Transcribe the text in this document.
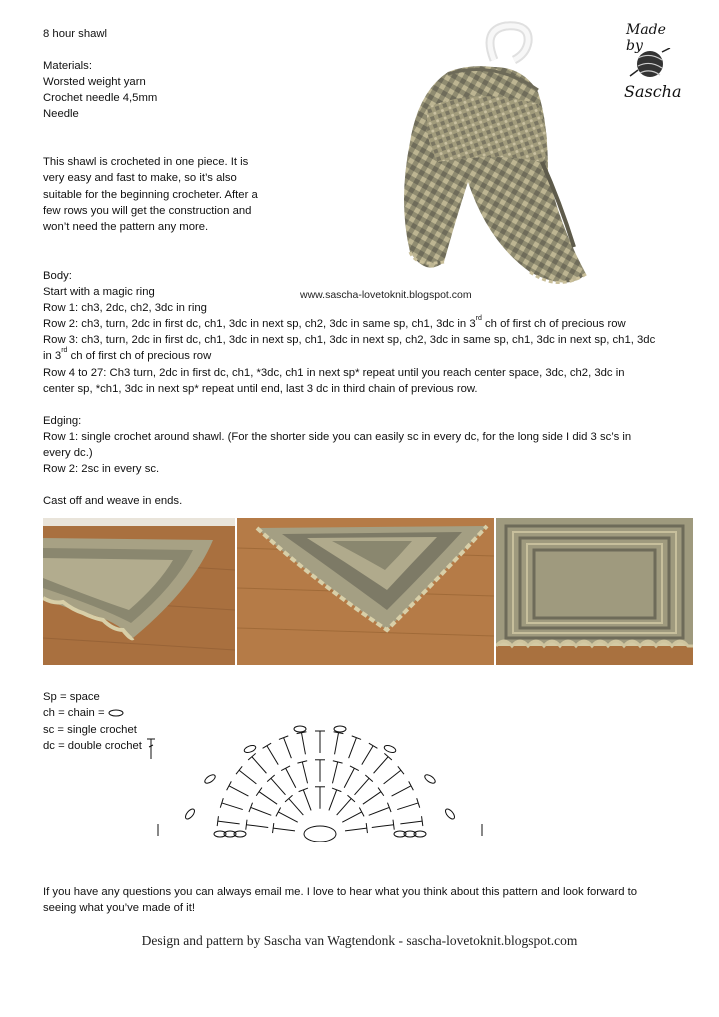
8 hour shawl
Materials:
Worsted weight yarn
Crochet needle 4,5mm
Needle
This shawl is crocheted in one piece. It is
very easy and fast to make, so it’s also
suitable for the beginning crocheter. After a
few rows you will get the construction and
won’t need the pattern any more.
www.sascha-lovetoknit.blogspot.com
Made by
Sascha
Body:
Start with a magic ring
Row 1: ch3, 2dc, ch2, 3dc in ring
Row 2: ch3, turn, 2dc in first dc, ch1, 3dc in next sp, ch2, 3dc in same sp, ch1, 3dc in 3rd ch of first ch of precious row
Row 3: ch3, turn, 2dc in first dc, ch1, 3dc in next sp, ch1, 3dc in next sp, ch2, 3dc in same sp, ch1, 3dc in next sp, ch1, 3dc
in 3rd ch of first ch of precious row
Row 4 to 27: Ch3 turn, 2dc in first dc, ch1, *3dc, ch1 in next sp* repeat until you reach center space, 3dc, ch2, 3dc in
center sp, *ch1, 3dc in next sp* repeat until end, last 3 dc in third chain of previous row.
Edging:
Row 1: single crochet around shawl. (For the shorter side you can easily sc in every dc, for the long side I did 3 sc’s in
every dc.)
Row 2: 2sc in every sc.
Cast off and weave in ends.
Sp = space
ch = chain =
sc = single crochet
dc = double crochet
If you have any questions you can always email me. I love to hear what you think about this pattern and look forward to
seeing what you’ve made of it!
Design and pattern by Sascha van Wagtendonk - sascha-lovetoknit.blogspot.com
